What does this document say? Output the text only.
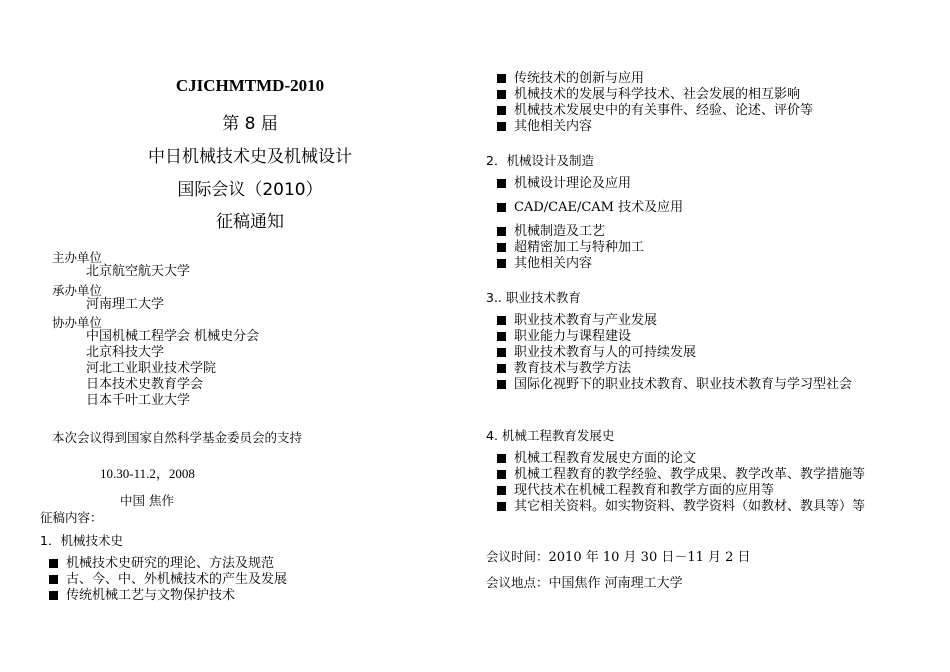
CJICHMTMD-2010
第 8 届
中日机械技术史及机械设计
国际会议（2010）
征稿通知
主办单位
北京航空航天大学
承办单位
河南理工大学
协办单位
中国机械工程学会 机械史分会
北京科技大学
河北工业职业技术学院
日本技术史教育学会
日本千叶工业大学
本次会议得到国家自然科学基金委员会的支持
10.30-11.2，2008
中国 焦作
征稿内容：
1．机械技术史
机械技术史研究的理论、方法及规范
古、今、中、外机械技术的产生及发展
传统机械工艺与文物保护技术
传统技术的创新与应用
机械技术的发展与科学技术、社会发展的相互影响
机械技术发展史中的有关事件、经验、论述、评价等
其他相关内容
2．机械设计及制造
机械设计理论及应用
CAD/CAE/CAM 技术及应用
机械制造及工艺
超精密加工与特种加工
其他相关内容
3.. 职业技术教育
职业技术教育与产业发展
职业能力与课程建设
职业技术教育与人的可持续发展
教育技术与教学方法
国际化视野下的职业技术教育、职业技术教育与学习型社会
4. 机械工程教育发展史
机械工程教育发展史方面的论文
机械工程教育的教学经验、教学成果、教学改革、教学措施等
现代技术在机械工程教育和教学方面的应用等
其它相关资料。如实物资料、教学资料（如教材、教具等）等
会议时间：2010 年 10 月 30 日－11 月 2 日
会议地点：中国焦作 河南理工大学
